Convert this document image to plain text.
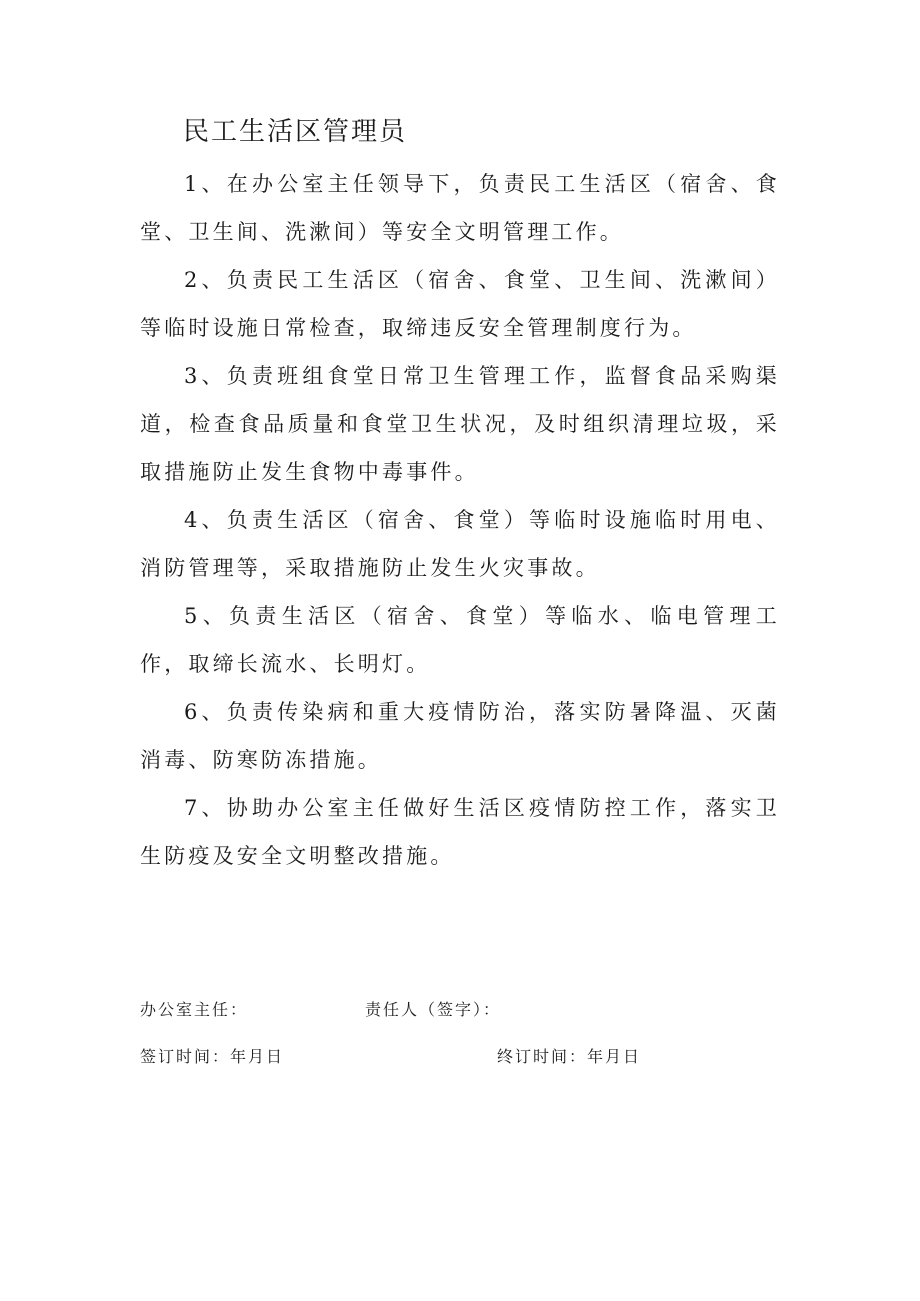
民工生活区管理员

1、在办公室主任领导下，负责民工生活区（宿舍、食堂、卫生间、洗漱间）等安全文明管理工作。

2、负责民工生活区（宿舍、食堂、卫生间、洗漱间）等临时设施日常检查，取缔违反安全管理制度行为。

3、负责班组食堂日常卫生管理工作，监督食品采购渠道，检查食品质量和食堂卫生状况，及时组织清理垃圾，采取措施防止发生食物中毒事件。

4、负责生活区（宿舍、食堂）等临时设施临时用电、消防管理等，采取措施防止发生火灾事故。

5、负责生活区（宿舍、食堂）等临水、临电管理工作，取缔长流水、长明灯。

6、负责传染病和重大疫情防治，落实防暑降温、灭菌消毒、防寒防冻措施。

7、协助办公室主任做好生活区疫情防控工作，落实卫生防疫及安全文明整改措施。

办公室主任：	责任人（签字）：
签订时间：年月日	终订时间：年月日
